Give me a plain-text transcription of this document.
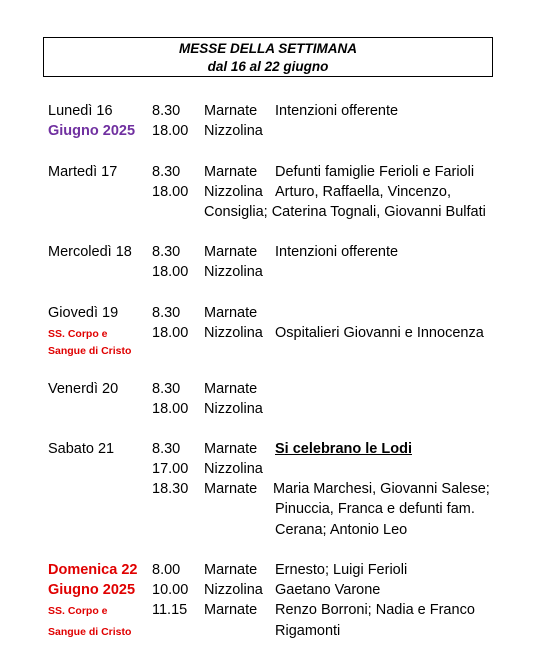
MESSE DELLA SETTIMANA
dal 16 al 22 giugno
Lunedì 16
Giugno 2025
8.30 Marnate Intenzioni offerente
18.00 Nizzolina
Martedì 17 8.30 Marnate Defunti famiglie Ferioli e Farioli
18.00 Nizzolina Arturo, Raffaella, Vincenzo,
Consiglia; Caterina Tognali, Giovanni Bulfati
Mercoledì 18 8.30 Marnate Intenzioni offerente
18.00 Nizzolina
Giovedì 19
SS. Corpo e
Sangue di Cristo
8.30 Marnate
18.00 Nizzolina Ospitalieri Giovanni e Innocenza
Venerdì 20 8.30 Marnate
18.00 Nizzolina
Sabato 21	8.30 Marnate Si celebrano le Lodi
17.00 Nizzolina
18.30 Marnate Maria Marchesi, Giovanni Salese;
Pinuccia, Franca e defunti fam.
Cerana; Antonio Leo
Domenica 22
Giugno 2025
SS. Corpo e
Sangue di Cristo
8.00 Marnate Ernesto; Luigi Ferioli
10.00 Nizzolina Gaetano Varone
11.15 Marnate Renzo Borroni; Nadia e Franco
Rigamonti
